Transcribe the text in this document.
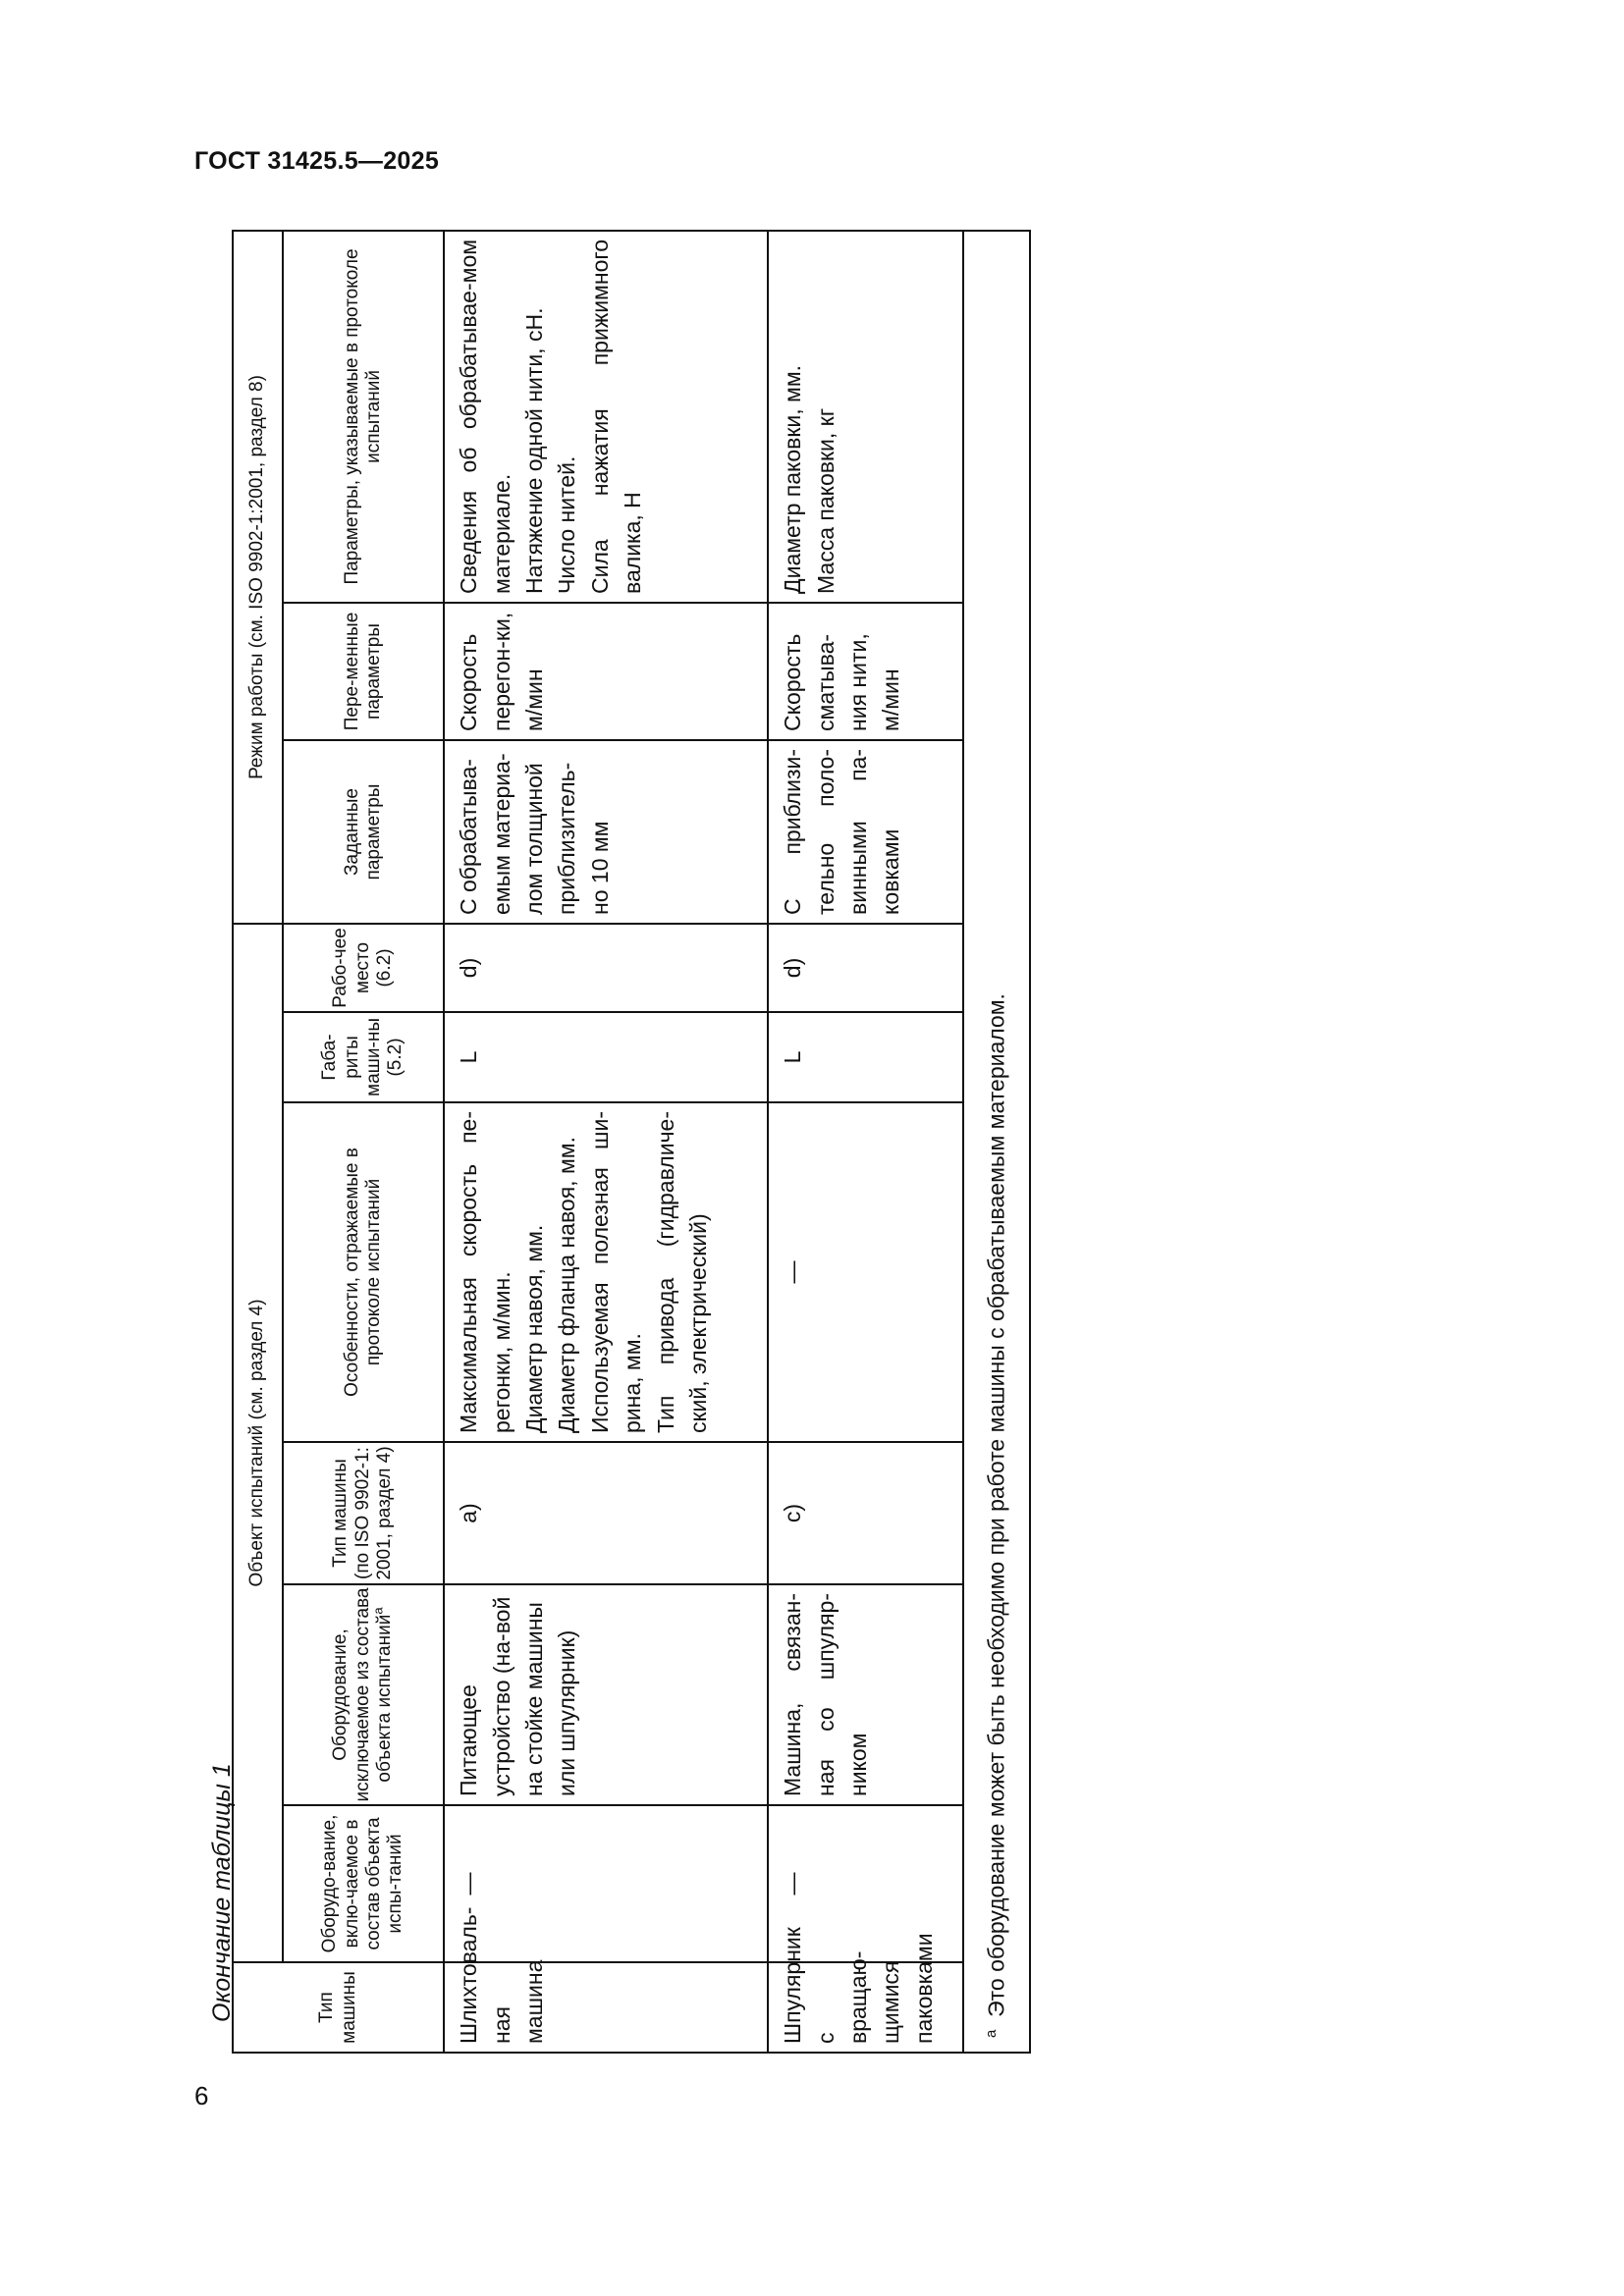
ГОСТ 31425.5—2025
Окончание таблицы 1
6
Тип машины	Объект испытаний (см. раздел 4)						Режим работы (см. ISO 9902-1:2001, раздел 8)		
	Оборудо-вание, вклю-чаемое в состав объекта испы-таний	Оборудование, исключаемое из состава объекта испытаний$^a$	Тип машины (по ISO 9902-1: 2001, раздел 4)	Особенности, отражаемые в протоколе испытаний	Габа-риты маши-ны (5.2)	Рабо-чее место (6.2)	Заданные параметры	Пере-менные параметры	Параметры, указываемые в протоколе испытаний
Шлихтоваль-ная машина	—	Питающее устройство (на-вой на стойке машины или шпулярник)	a)	Максимальная скорость пе-регонки, м/мин. Диаметр навоя, мм. Диаметр фланца навоя, мм. Используемая полезная ши-рина, мм. Тип привода (гидравличе-ский, электрический)	L	d)	С обрабатыва-емым материа-лом толщиной приблизитель-но 10 мм	Скорость перегон-ки, м/мин	Сведения об обрабатывае-мом материале. Натяжение одной нити, сН. Число нитей. Сила нажатия прижимного валика, Н

Шпулярник с вращаю-щимися паковками	—	Машина, связан-ная со шпуляр-ником	c)	—	L	d)	С приблизи-тельно поло-винными па-ковками	Скорость сматыва-ния нити, м/мин	Диаметр паковки, мм. Масса паковки, кг

$^a$  Это оборудование может быть необходимо при работе машины с обрабатываемым материалом.									
